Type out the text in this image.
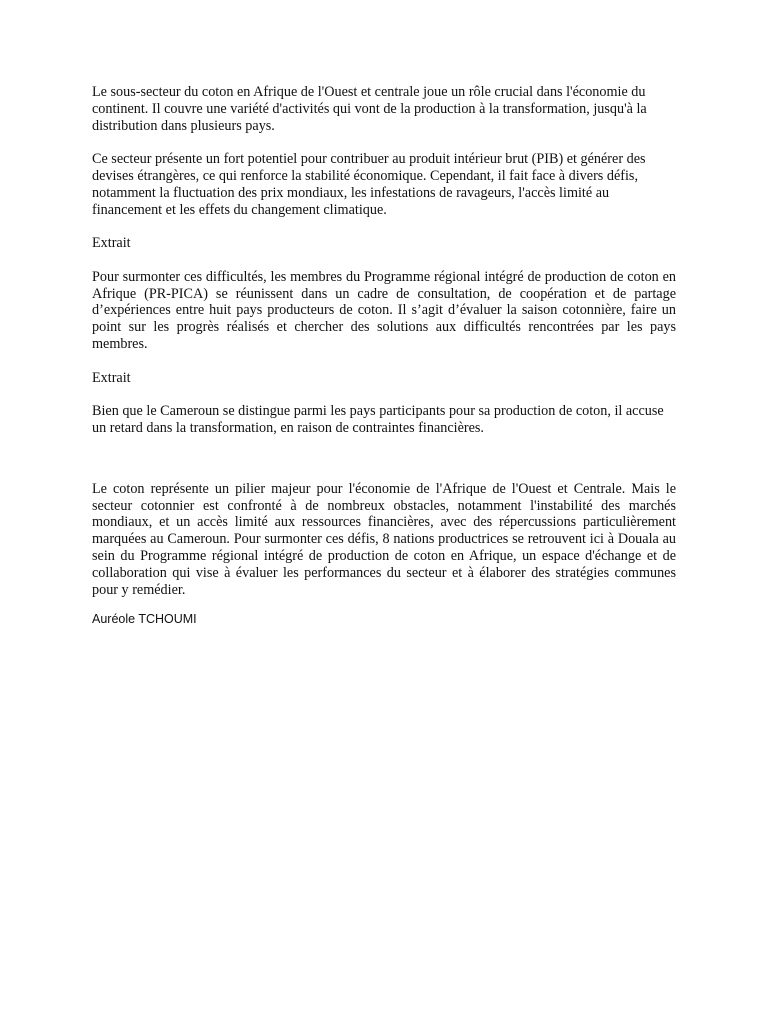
Le sous-secteur du coton en Afrique de l'Ouest et centrale joue un rôle crucial dans l'économie du continent. Il couvre une variété d'activités qui vont de la production à la transformation, jusqu'à la distribution dans plusieurs pays.

Ce secteur présente un fort potentiel pour contribuer au produit intérieur brut (PIB) et générer des devises étrangères, ce qui renforce la stabilité économique. Cependant, il fait face à divers défis, notamment la fluctuation des prix mondiaux, les infestations de ravageurs, l'accès limité au financement et les effets du changement climatique.

Extrait

Pour surmonter ces difficultés, les membres du Programme régional intégré de production de coton en Afrique (PR-PICA) se réunissent dans un cadre de consultation, de coopération et de partage d’expériences entre huit pays producteurs de coton. Il s’agit d’évaluer la saison cotonnière, faire un point sur les progrès réalisés et chercher des solutions aux difficultés rencontrées par les pays membres.

Extrait

Bien que le Cameroun se distingue parmi les pays participants pour sa production de coton, il accuse un retard dans la transformation, en raison de contraintes financières.

Le coton représente un pilier majeur pour l'économie de l'Afrique de l'Ouest et Centrale. Mais le secteur cotonnier est confronté à de nombreux obstacles, notamment l'instabilité des marchés mondiaux, et un accès limité aux ressources financières, avec des répercussions particulièrement marquées au Cameroun. Pour surmonter ces défis, 8 nations productrices se retrouvent ici à Douala au sein du Programme régional intégré de production de coton en Afrique, un espace d'échange et de collaboration qui vise à évaluer les performances du secteur et à élaborer des stratégies communes pour y remédier.

Auréole TCHOUMI
